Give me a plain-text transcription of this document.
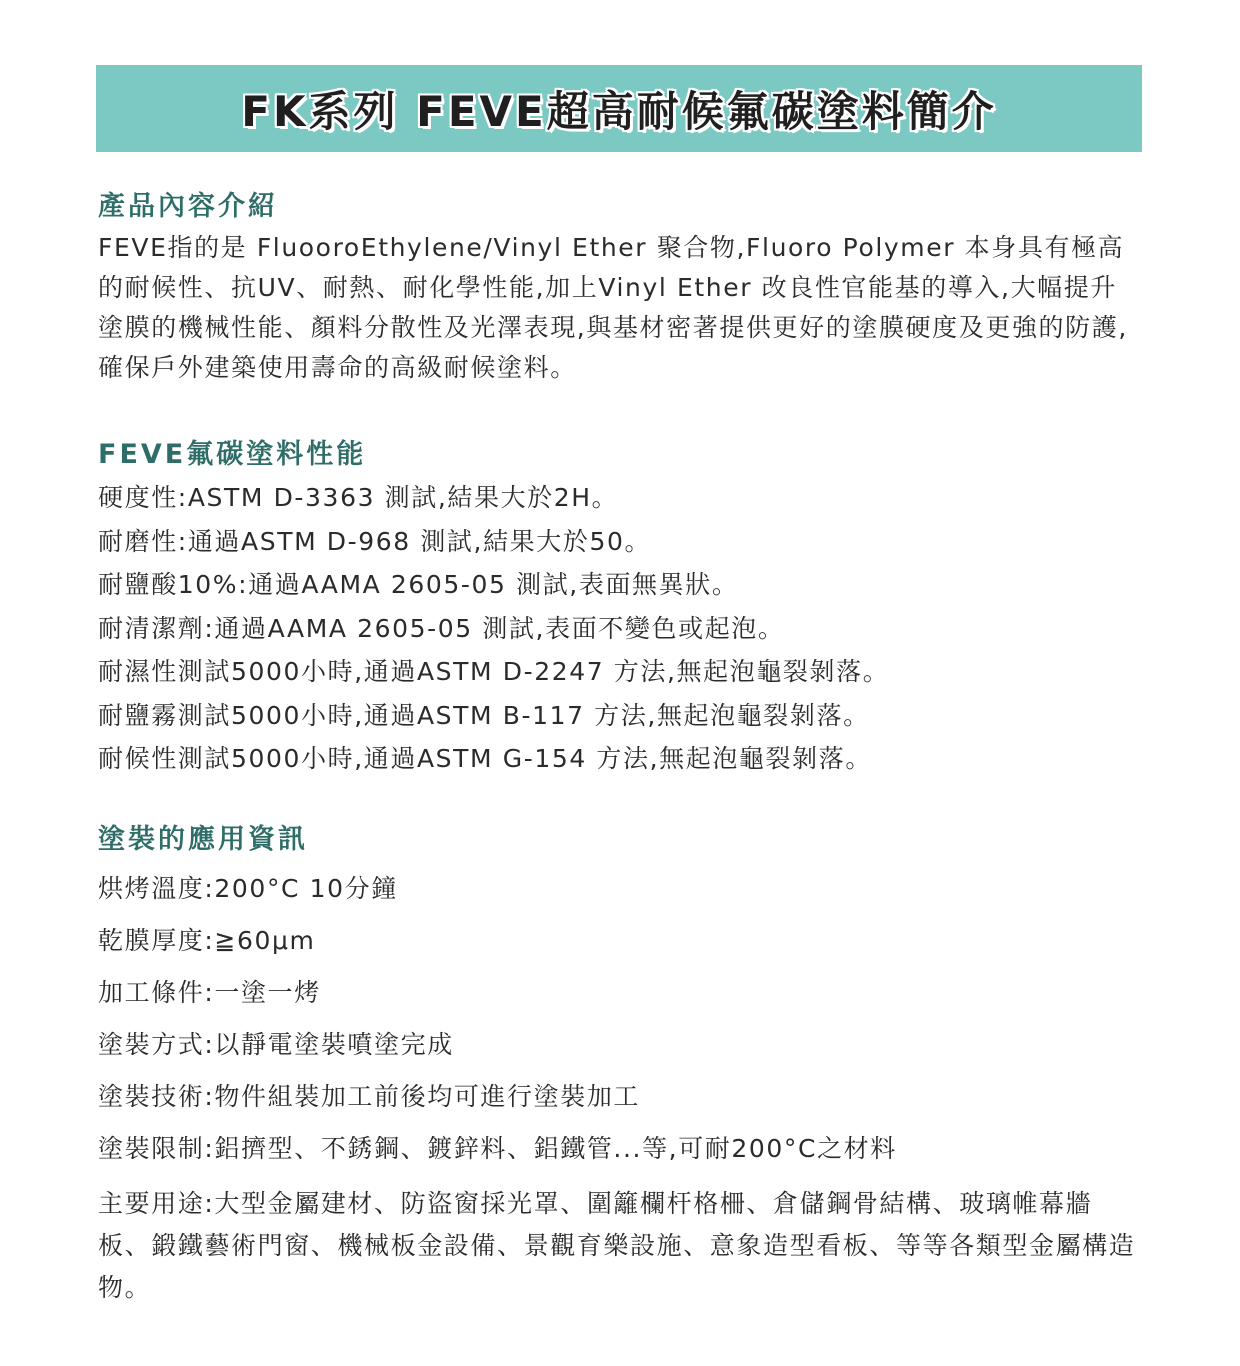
FK系列 FEVE超高耐候氟碳塗料簡介
產品內容介紹

FEVE指的是 FluooroEthylene/Vinyl Ether 聚合物,Fluoro Polymer 本身具有極高的耐候性、抗UV、耐熱、耐化學性能,加上Vinyl Ether 改良性官能基的導入,大幅提升塗膜的機械性能、顏料分散性及光澤表現,與基材密著提供更好的塗膜硬度及更強的防護,確保戶外建築使用壽命的高級耐候塗料。

FEVE氟碳塗料性能
硬度性:ASTM D-3363 測試,結果大於2H。
耐磨性:通過ASTM D-968 測試,結果大於50。
耐鹽酸10%:通過AAMA 2605-05 測試,表面無異狀。
耐清潔劑:通過AAMA 2605-05 測試,表面不變色或起泡。
耐濕性測試5000小時,通過ASTM D-2247 方法,無起泡龜裂剝落。
耐鹽霧測試5000小時,通過ASTM B-117 方法,無起泡龜裂剝落。
耐候性測試5000小時,通過ASTM G-154 方法,無起泡龜裂剝落。
塗裝的應用資訊
烘烤溫度:200°C 10分鐘
乾膜厚度:≧60μm
加工條件:一塗一烤
塗裝方式:以靜電塗裝噴塗完成
塗裝技術:物件組裝加工前後均可進行塗裝加工
塗裝限制:鋁擠型、不銹鋼、鍍鋅料、鋁鐵管...等,可耐200°C之材料

主要用途:大型金屬建材、防盜窗採光罩、圍籬欄杆格柵、倉儲鋼骨結構、玻璃帷幕牆板、鍛鐵藝術門窗、機械板金設備、景觀育樂設施、意象造型看板、等等各類型金屬構造物。
